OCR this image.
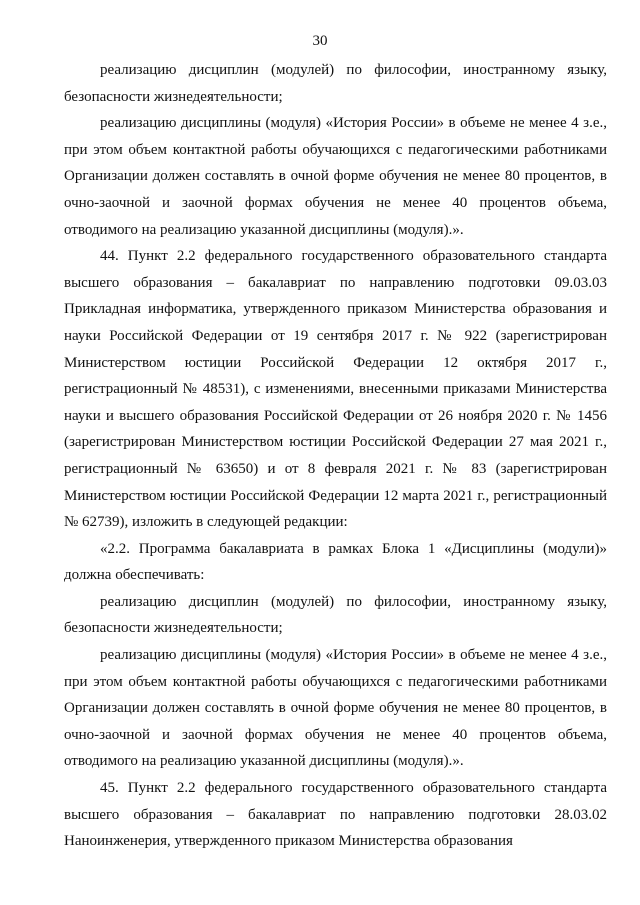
30

реализацию дисциплин (модулей) по философии, иностранному языку, безопасности жизнедеятельности;

реализацию дисциплины (модуля) «История России» в объеме не менее 4 з.е., при этом объем контактной работы обучающихся с педагогическими работниками Организации должен составлять в очной форме обучения не менее 80 процентов, в очно-заочной и заочной формах обучения не менее 40 процентов объема, отводимого на реализацию указанной дисциплины (модуля).».

44. Пункт 2.2 федерального государственного образовательного стандарта высшего образования – бакалавриат по направлению подготовки 09.03.03 Прикладная информатика, утвержденного приказом Министерства образования и науки Российской Федерации от 19 сентября 2017 г. № 922 (зарегистрирован Министерством юстиции Российской Федерации 12 октября 2017 г., регистрационный № 48531), с изменениями, внесенными приказами Министерства науки и высшего образования Российской Федерации от 26 ноября 2020 г. № 1456 (зарегистрирован Министерством юстиции Российской Федерации 27 мая 2021 г., регистрационный № 63650) и от 8 февраля 2021 г. № 83 (зарегистрирован Министерством юстиции Российской Федерации 12 марта 2021 г., регистрационный № 62739), изложить в следующей редакции:

«2.2. Программа бакалавриата в рамках Блока 1 «Дисциплины (модули)» должна обеспечивать:

реализацию дисциплин (модулей) по философии, иностранному языку, безопасности жизнедеятельности;

реализацию дисциплины (модуля) «История России» в объеме не менее 4 з.е., при этом объем контактной работы обучающихся с педагогическими работниками Организации должен составлять в очной форме обучения не менее 80 процентов, в очно-заочной и заочной формах обучения не менее 40 процентов объема, отводимого на реализацию указанной дисциплины (модуля).».

45. Пункт 2.2 федерального государственного образовательного стандарта высшего образования – бакалавриат по направлению подготовки 28.03.02 Наноинженерия, утвержденного приказом Министерства образования
